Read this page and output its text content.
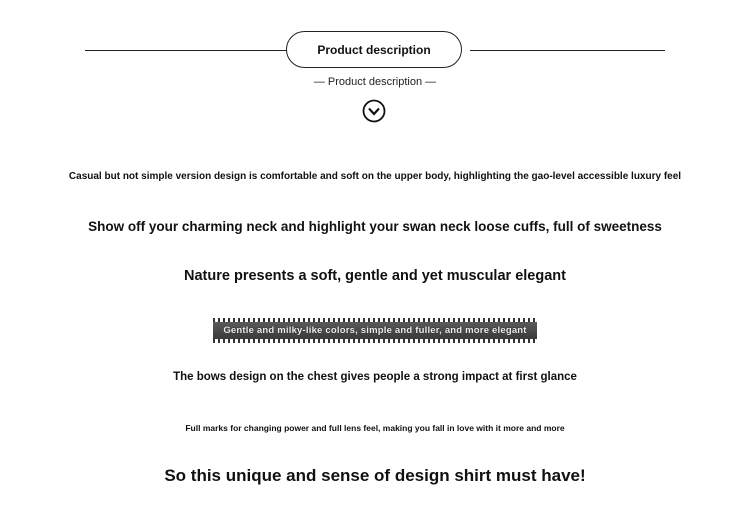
Product description
— Product description —
Casual but not simple version design is comfortable and soft on the upper body, highlighting the gao-level accessible luxury feel
Show off your charming neck and highlight your swan neck loose cuffs, full of sweetness
Nature presents a soft, gentle and yet muscular elegant
Gentle and milky-like colors, simple and fuller, and more elegant
The bows design on the chest gives people a strong impact at first glance
Full marks for changing power and full lens feel, making you fall in love with it more and more
So this unique and sense of design shirt must have!
